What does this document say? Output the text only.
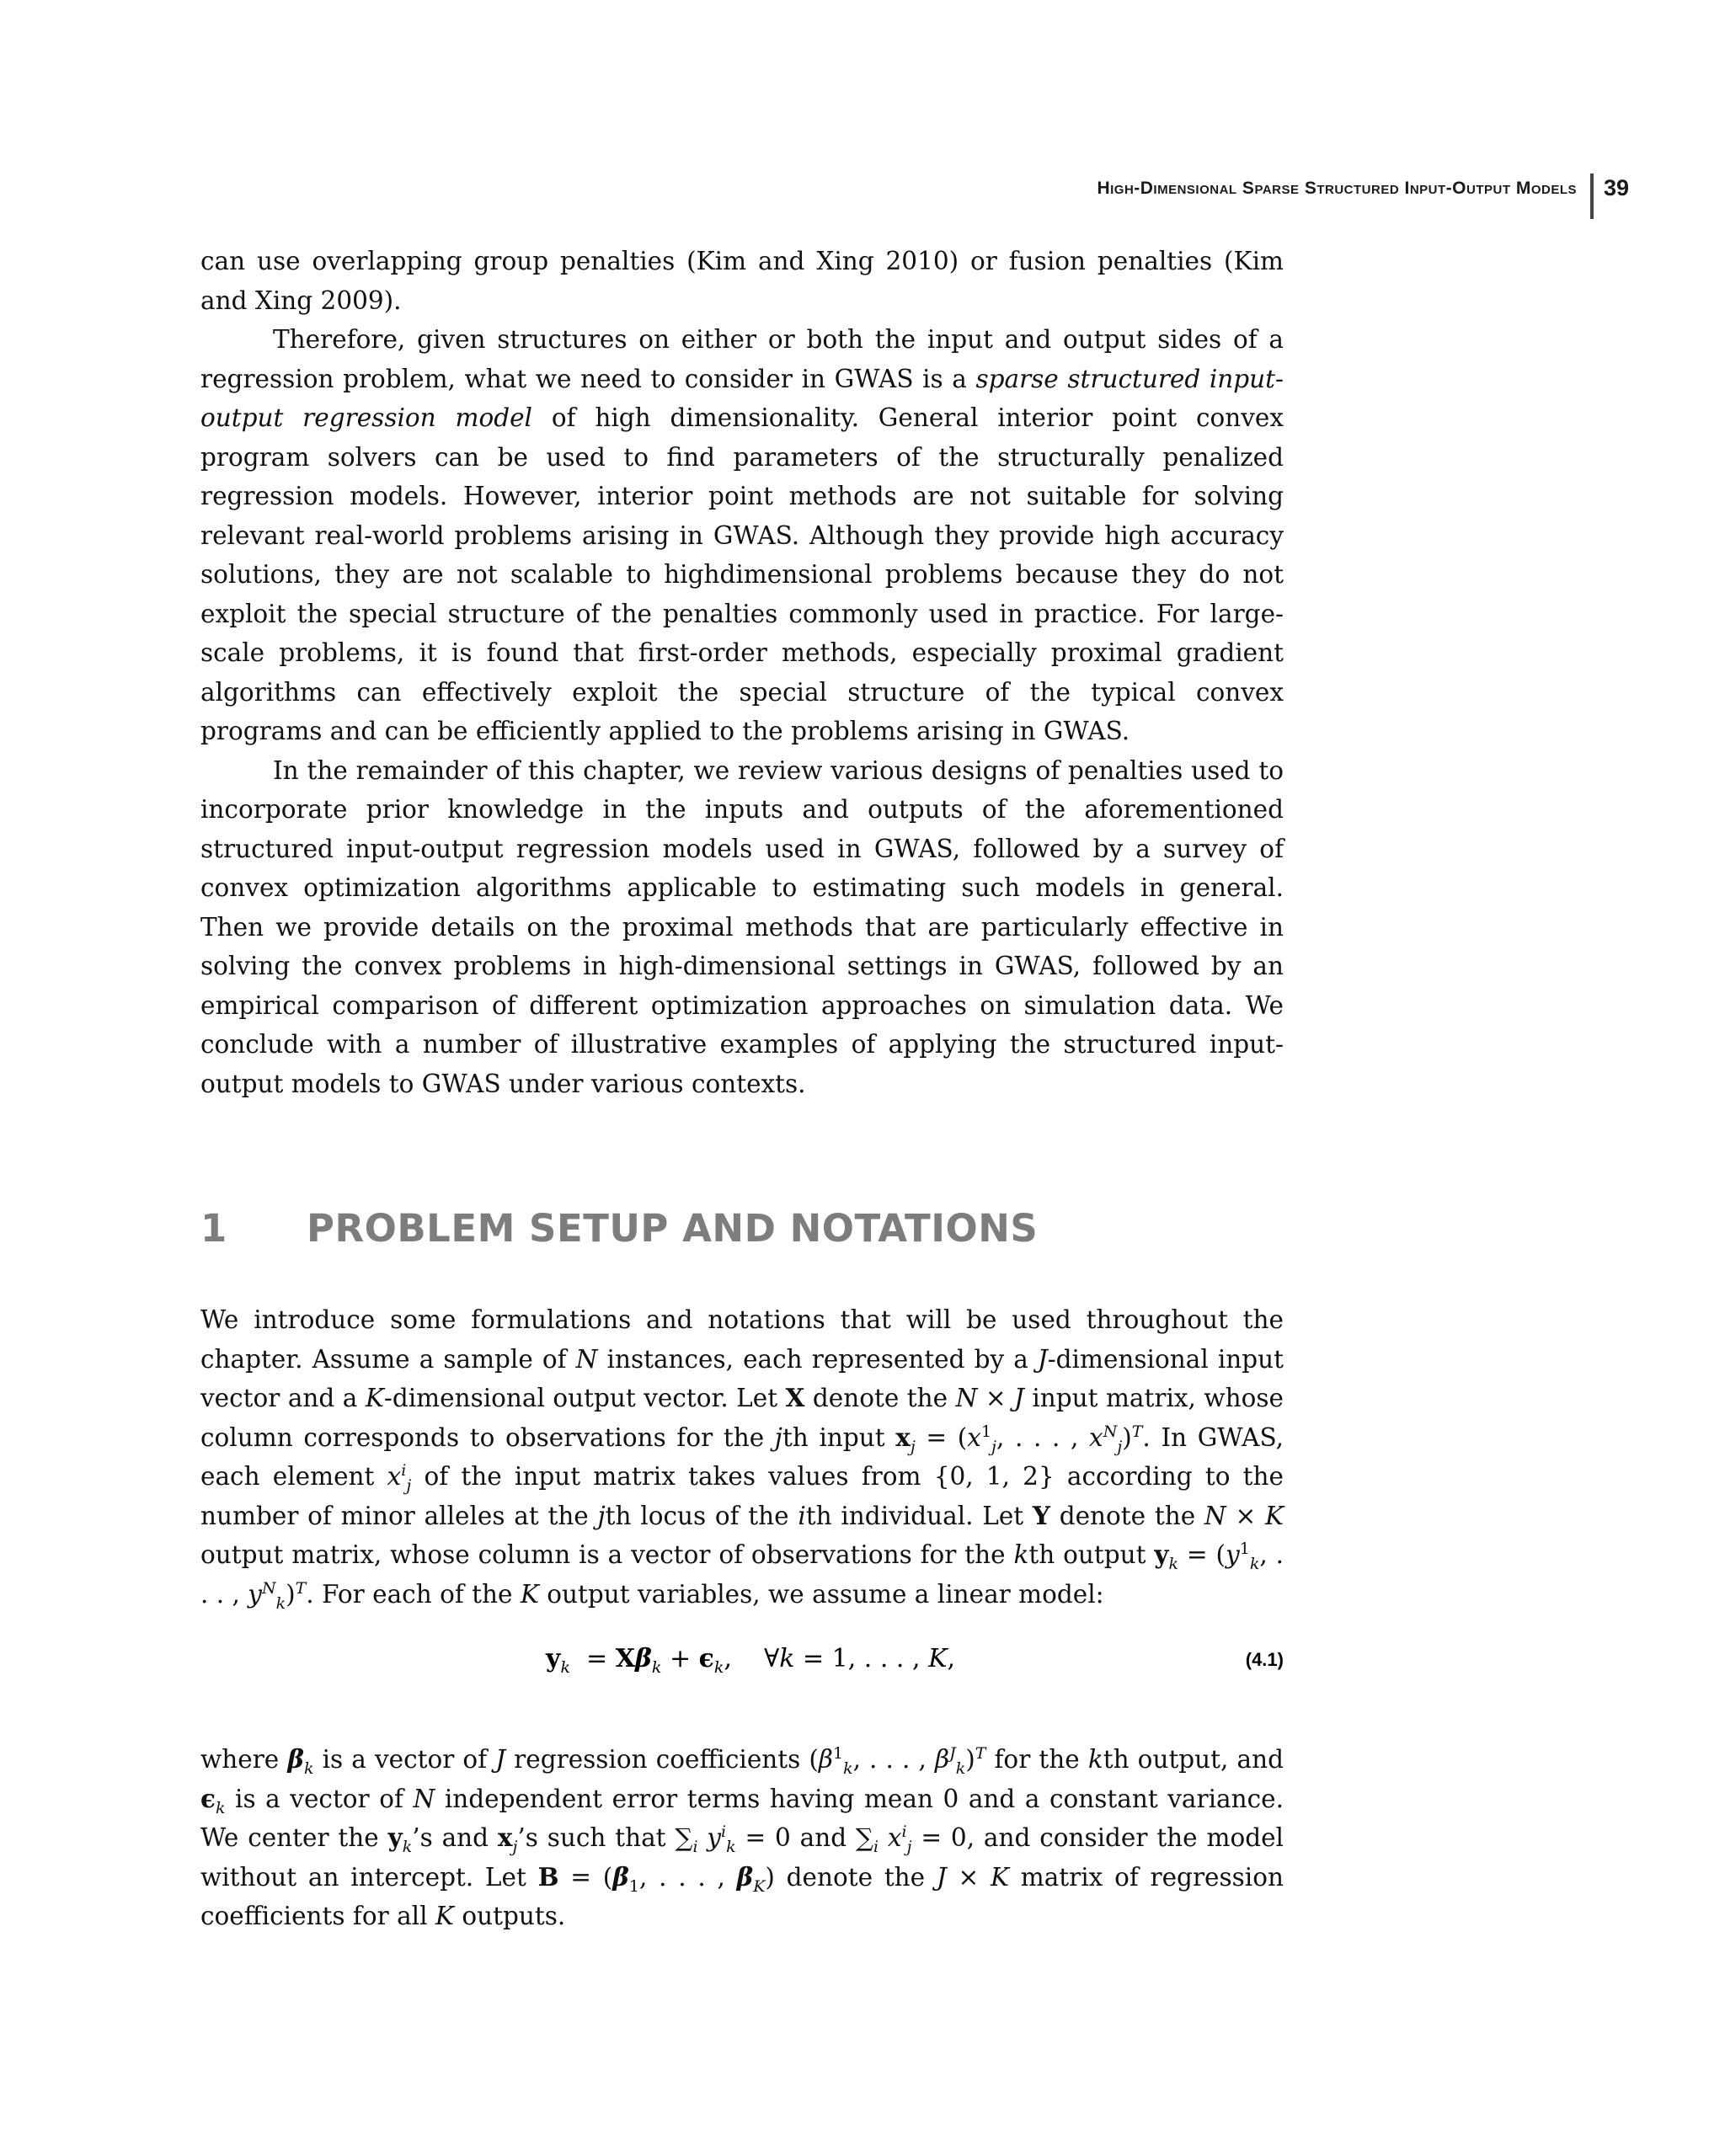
High-Dimensional Sparse Structured Input-Output Models 39

can use overlapping group penalties (Kim and Xing 2010) or fusion penalties (Kim and Xing 2009).

Therefore, given structures on either or both the input and output sides of a regression problem, what we need to consider in GWAS is a sparse structured input-output regression model of high dimensionality. General interior point convex program solvers can be used to find parameters of the structurally penalized regression models. However, interior point methods are not suitable for solving relevant real-world problems arising in GWAS. Although they provide high accuracy solutions, they are not scalable to highdimensional problems because they do not exploit the special structure of the penalties commonly used in practice. For large-scale problems, it is found that first-order methods, especially proximal gradient algorithms can effectively exploit the special structure of the typical convex programs and can be efficiently applied to the problems arising in GWAS.

In the remainder of this chapter, we review various designs of penalties used to incorporate prior knowledge in the inputs and outputs of the aforementioned structured input-output regression models used in GWAS, followed by a survey of convex optimization algorithms applicable to estimating such models in general. Then we provide details on the proximal methods that are particularly effective in solving the convex problems in high-dimensional settings in GWAS, followed by an empirical comparison of different optimization approaches on simulation data. We conclude with a number of illustrative examples of applying the structured input-output models to GWAS under various contexts.

1 PROBLEM SETUP AND NOTATIONS

We introduce some formulations and notations that will be used throughout the chapter. Assume a sample of N instances, each represented by a J-dimensional input vector and a K-dimensional output vector. Let X denote the N × J input matrix, whose column corresponds to observations for the jth input $x_j = (x^1_j$, . . . , $x^N_j)^T$. In GWAS, each element $x^i_j$ of the input matrix takes values from {0, 1, 2} according to the number of minor alleles at the jth locus of the ith individual. Let Y denote the N × K output matrix, whose column is a vector of observations for the kth output $y_k = (y^1_k$, . . . , $y^N_k)^T$. For each of the K output variables, we assume a linear model:

$y_k = X\beta_k + \epsilon_k$,    ∀k = 1, . . . , K,	(4.1)

where $\beta_k$ is a vector of J regression coefficients ($\beta^1_k$, . . . , $\beta^J_k)^T$ for the kth output, and $\epsilon_k$ is a vector of N independent error terms having mean 0 and a constant variance. We center the $y_k’s$ and $x_j’s$ such that $\sum_i$ $y^i_k = 0$ and $\sum_i$ $x^i_j = 0$, and consider the model without an intercept. Let $B = (\beta_1$, . . . , $\beta_K$) denote the J × K matrix of regression coefficients for all K outputs.
